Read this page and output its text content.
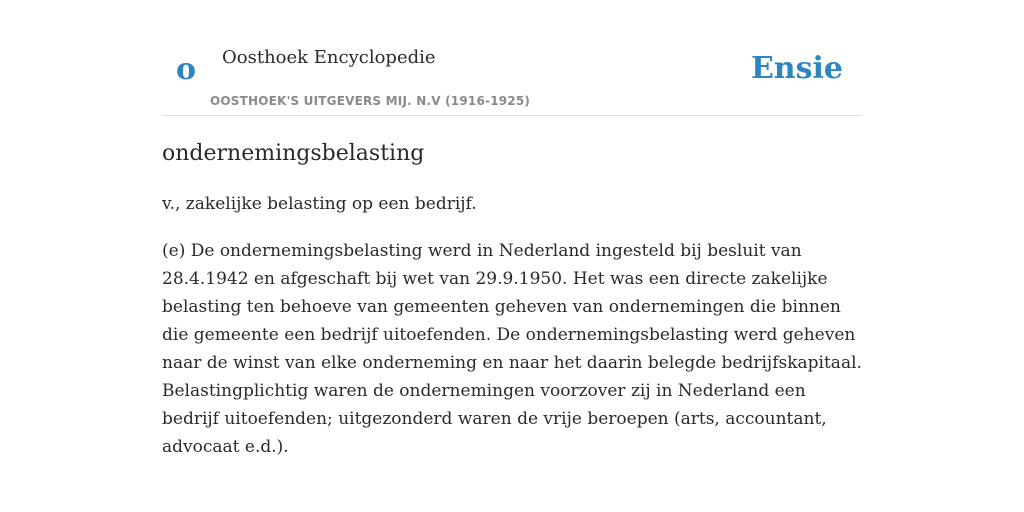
o Oosthoek Encyclopedie	Ensie
OOSTHOEK'S UITGEVERS MIJ. N.V (1916-1925)
ondernemingsbelasting

v., zakelijke belasting op een bedrijf.

(e) De ondernemingsbelasting werd in Nederland ingesteld bij besluit van 28.4.1942 en afgeschaft bij wet van 29.9.1950. Het was een directe zakelijke belasting ten behoeve van gemeenten geheven van ondernemingen die binnen die gemeente een bedrijf uitoefenden. De ondernemingsbelasting werd geheven naar de winst van elke onderneming en naar het daarin belegde bedrijfskapitaal. Belastingplichtig waren de ondernemingen voorzover zij in Nederland een bedrijf uitoefenden; uitgezonderd waren de vrije beroepen (arts, accountant, advocaat e.d.).
